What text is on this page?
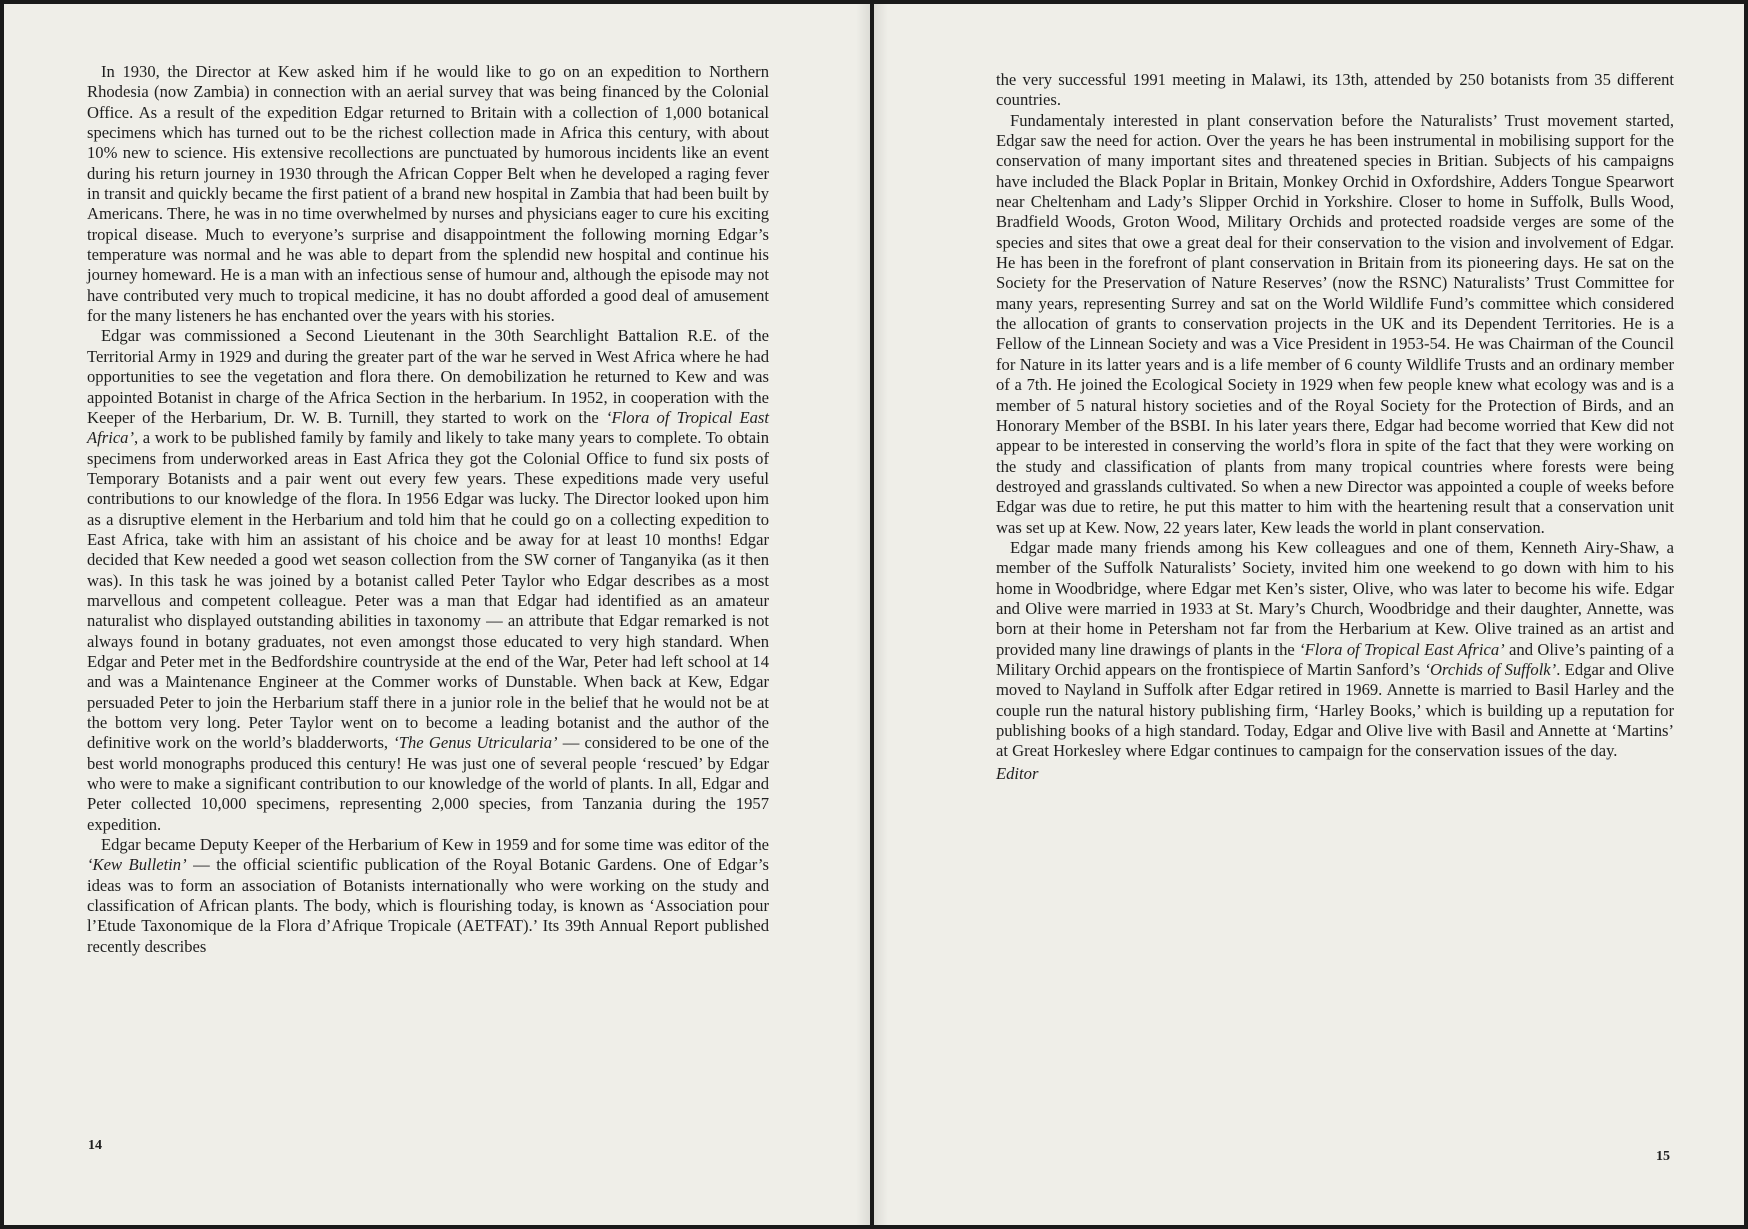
In 1930, the Director at Kew asked him if he would like to go on an expedition to Northern Rhodesia (now Zambia) in connection with an aerial survey that was being financed by the Colonial Office. As a result of the expedition Edgar returned to Britain with a collection of 1,000 botanical specimens which has turned out to be the richest collection made in Africa this century, with about 10% new to science. His extensive recollections are punctuated by humorous incidents like an event during his return journey in 1930 through the African Copper Belt when he developed a raging fever in transit and quickly became the first patient of a brand new hospital in Zambia that had been built by Americans. There, he was in no time overwhelmed by nurses and physicians eager to cure his exciting tropical disease. Much to everyone’s surprise and disappointment the following morning Edgar’s temperature was normal and he was able to depart from the splendid new hospital and continue his journey homeward. He is a man with an infectious sense of humour and, although the episode may not have contributed very much to tropical medicine, it has no doubt afforded a good deal of amusement for the many listeners he has enchanted over the years with his stories.

Edgar was commissioned a Second Lieutenant in the 30th Searchlight Battalion R.E. of the Territorial Army in 1929 and during the greater part of the war he served in West Africa where he had opportunities to see the vegetation and flora there. On demobilization he returned to Kew and was appointed Botanist in charge of the Africa Section in the herbarium. In 1952, in cooperation with the Keeper of the Herbarium, Dr. W. B. Turnill, they started to work on the ‘Flora of Tropical East Africa’, a work to be published family by family and likely to take many years to complete. To obtain specimens from underworked areas in East Africa they got the Colonial Office to fund six posts of Temporary Botanists and a pair went out every few years. These expeditions made very useful contributions to our knowledge of the flora. In 1956 Edgar was lucky. The Director looked upon him as a disruptive element in the Herbarium and told him that he could go on a collecting expedition to East Africa, take with him an assistant of his choice and be away for at least 10 months! Edgar decided that Kew needed a good wet season collection from the SW corner of Tanganyika (as it then was). In this task he was joined by a botanist called Peter Taylor who Edgar describes as a most marvellous and competent colleague. Peter was a man that Edgar had identified as an amateur naturalist who displayed outstanding abilities in taxonomy — an attribute that Edgar remarked is not always found in botany graduates, not even amongst those educated to very high standard. When Edgar and Peter met in the Bedfordshire countryside at the end of the War, Peter had left school at 14 and was a Maintenance Engineer at the Commer works of Dunstable. When back at Kew, Edgar persuaded Peter to join the Herbarium staff there in a junior role in the belief that he would not be at the bottom very long. Peter Taylor went on to become a leading botanist and the author of the definitive work on the world’s bladderworts, ‘The Genus Utricularia’ — considered to be one of the best world monographs produced this century! He was just one of several people ‘rescued’ by Edgar who were to make a significant contribution to our knowledge of the world of plants. In all, Edgar and Peter collected 10,000 specimens, representing 2,000 species, from Tanzania during the 1957 expedition.

Edgar became Deputy Keeper of the Herbarium of Kew in 1959 and for some time was editor of the ‘Kew Bulletin’ — the official scientific publication of the Royal Botanic Gardens. One of Edgar’s ideas was to form an association of Botanists internationally who were working on the study and classification of African plants. The body, which is flourishing today, is known as ‘Association pour l’Etude Taxonomique de la Flora d’Afrique Tropicale (AETFAT).’ Its 39th Annual Report published recently describes

14

the very successful 1991 meeting in Malawi, its 13th, attended by 250 botanists from 35 different countries.

Fundamentaly interested in plant conservation before the Naturalists’ Trust movement started, Edgar saw the need for action. Over the years he has been instrumental in mobilising support for the conservation of many important sites and threatened species in Britian. Subjects of his campaigns have included the Black Poplar in Britain, Monkey Orchid in Oxfordshire, Adders Tongue Spearwort near Cheltenham and Lady’s Slipper Orchid in Yorkshire. Closer to home in Suffolk, Bulls Wood, Bradfield Woods, Groton Wood, Military Orchids and protected roadside verges are some of the species and sites that owe a great deal for their conservation to the vision and involvement of Edgar. He has been in the forefront of plant conservation in Britain from its pioneering days. He sat on the Society for the Preservation of Nature Reserves’ (now the RSNC) Naturalists’ Trust Committee for many years, representing Surrey and sat on the World Wildlife Fund’s committee which considered the allocation of grants to conservation projects in the UK and its Dependent Territories. He is a Fellow of the Linnean Society and was a Vice President in 1953-54. He was Chairman of the Council for Nature in its latter years and is a life member of 6 county Wildlife Trusts and an ordinary member of a 7th. He joined the Ecological Society in 1929 when few people knew what ecology was and is a member of 5 natural history societies and of the Royal Society for the Protection of Birds, and an Honorary Member of the BSBI. In his later years there, Edgar had become worried that Kew did not appear to be interested in conserving the world’s flora in spite of the fact that they were working on the study and classification of plants from many tropical countries where forests were being destroyed and grasslands cultivated. So when a new Director was appointed a couple of weeks before Edgar was due to retire, he put this matter to him with the heartening result that a conservation unit was set up at Kew. Now, 22 years later, Kew leads the world in plant conservation.

Edgar made many friends among his Kew colleagues and one of them, Kenneth Airy-Shaw, a member of the Suffolk Naturalists’ Society, invited him one weekend to go down with him to his home in Woodbridge, where Edgar met Ken’s sister, Olive, who was later to become his wife. Edgar and Olive were married in 1933 at St. Mary’s Church, Woodbridge and their daughter, Annette, was born at their home in Petersham not far from the Herbarium at Kew. Olive trained as an artist and provided many line drawings of plants in the ‘Flora of Tropical East Africa’ and Olive’s painting of a Military Orchid appears on the frontispiece of Martin Sanford’s ‘Orchids of Suffolk’. Edgar and Olive moved to Nayland in Suffolk after Edgar retired in 1969. Annette is married to Basil Harley and the couple run the natural history publishing firm, ‘Harley Books,’ which is building up a reputation for publishing books of a high standard. Today, Edgar and Olive live with Basil and Annette at ‘Martins’ at Great Horkesley where Edgar continues to campaign for the conservation issues of the day.

Editor

15
